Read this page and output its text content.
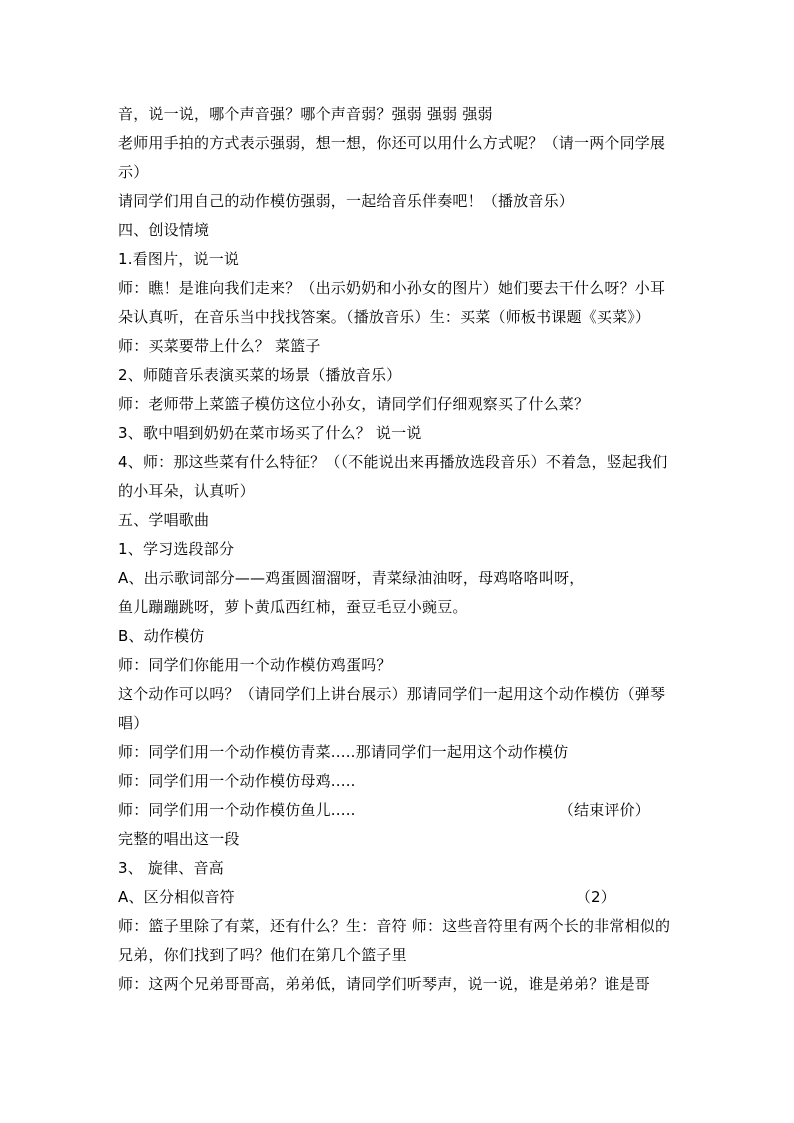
音，说一说，哪个声音强？哪个声音弱？强弱 强弱 强弱

老师用手拍的方式表示强弱，想一想，你还可以用什么方式呢？（请一两个同学展示）

请同学们用自己的动作模仿强弱，一起给音乐伴奏吧！（播放音乐）

四、创设情境

1.看图片，说一说

师：瞧！是谁向我们走来？（出示奶奶和小孙女的图片）她们要去干什么呀？小耳朵认真听，在音乐当中找找答案。（播放音乐）生：买菜（师板书课题《买菜》） 师：买菜要带上什么？ 菜篮子

2、师随音乐表演买菜的场景（播放音乐）

师：老师带上菜篮子模仿这位小孙女，请同学们仔细观察买了什么菜？

3、歌中唱到奶奶在菜市场买了什么？ 说一说

4、师：那这些菜有什么特征？（（不能说出来再播放选段音乐）不着急，竖起我们的小耳朵，认真听）

五、学唱歌曲

1、学习选段部分

A、出示歌词部分——鸡蛋圆溜溜呀，青菜绿油油呀，母鸡咯咯叫呀，

鱼儿蹦蹦跳呀，萝卜黄瓜西红柿，蚕豆毛豆小豌豆。

B、动作模仿

师：同学们你能用一个动作模仿鸡蛋吗？

这个动作可以吗？（请同学们上讲台展示）那请同学们一起用这个动作模仿（弹琴唱）

师：同学们用一个动作模仿青菜.....那请同学们一起用这个动作模仿

师：同学们用一个动作模仿母鸡.....

师：同学们用一个动作模仿鱼儿.....	（结束评价）

完整的唱出这一段

3、 旋律、音高

A、区分相似音符	（2）

师：篮子里除了有菜，还有什么？生：音符 师：这些音符里有两个长的非常相似的兄弟，你们找到了吗？他们在第几个篮子里

师：这两个兄弟哥哥高，弟弟低，请同学们听琴声，说一说，谁是弟弟？谁是哥
